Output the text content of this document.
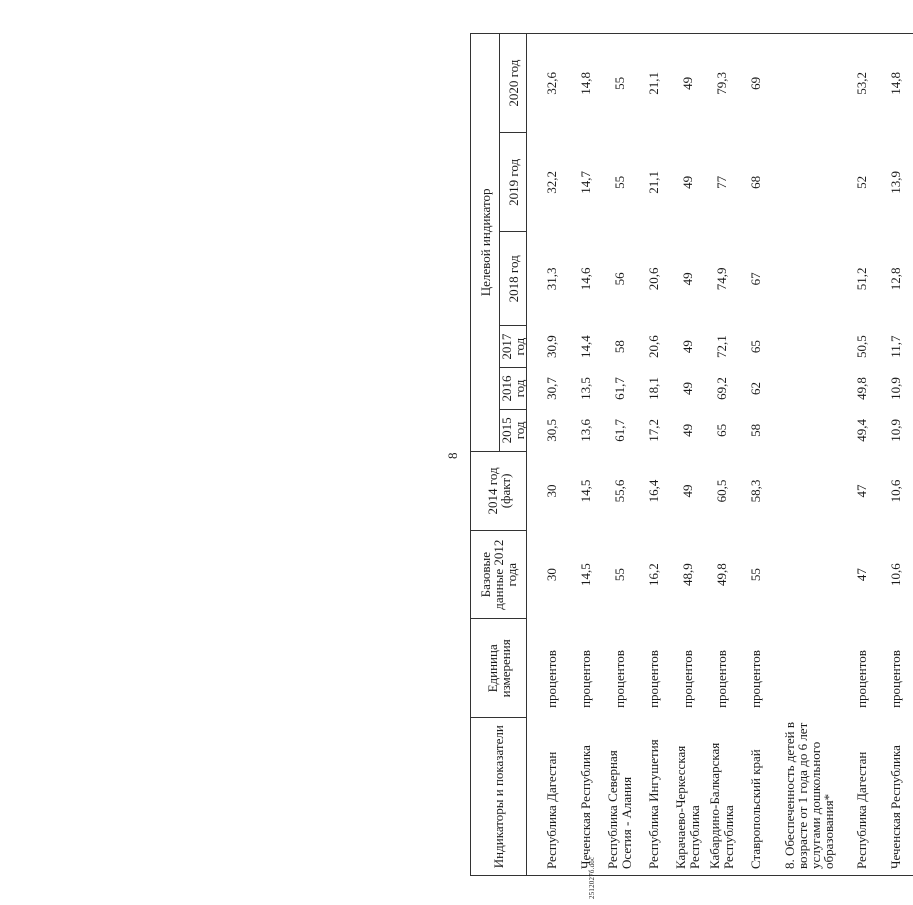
8
Индикаторы и показатели	Единица измерения	Базовые данные 2012 года	2014 год (факт)	Целевой индикатор					
				2015 год	2016 год	2017 год	2018 год	2019 год	2020 год
Республика Дагестан	процентов	30	30	30,5	30,7	30,9	31,3	32,2	32,6
Чеченская Республика	процентов	14,5	14,5	13,6	13,5	14,4	14,6	14,7	14,8
Республика Северная Осетия - Алания	процентов	55	55,6	61,7	61,7	58	56	55	55
Республика Ингушетия	процентов	16,2	16,4	17,2	18,1	20,6	20,6	21,1	21,1
Карачаево-Черкесская Республика	процентов	48,9	49	49	49	49	49	49	49
Кабардино-Балкарская Республика	процентов	49,8	60,5	65	69,2	72,1	74,9	77	79,3
Ставропольский край	процентов	55	58,3	58	62	65	67	68	69
8. Обеспеченность детей в возрасте от 1 года до 6 лет услугами дошкольного образования*									
Республика Дагестан	процентов	47	47	49,4	49,8	50,5	51,2	52	53,2
Чеченская Республика	процентов	10,6	10,6	10,9	10,9	11,7	12,8	13,9	14,8
2512027б.doc
